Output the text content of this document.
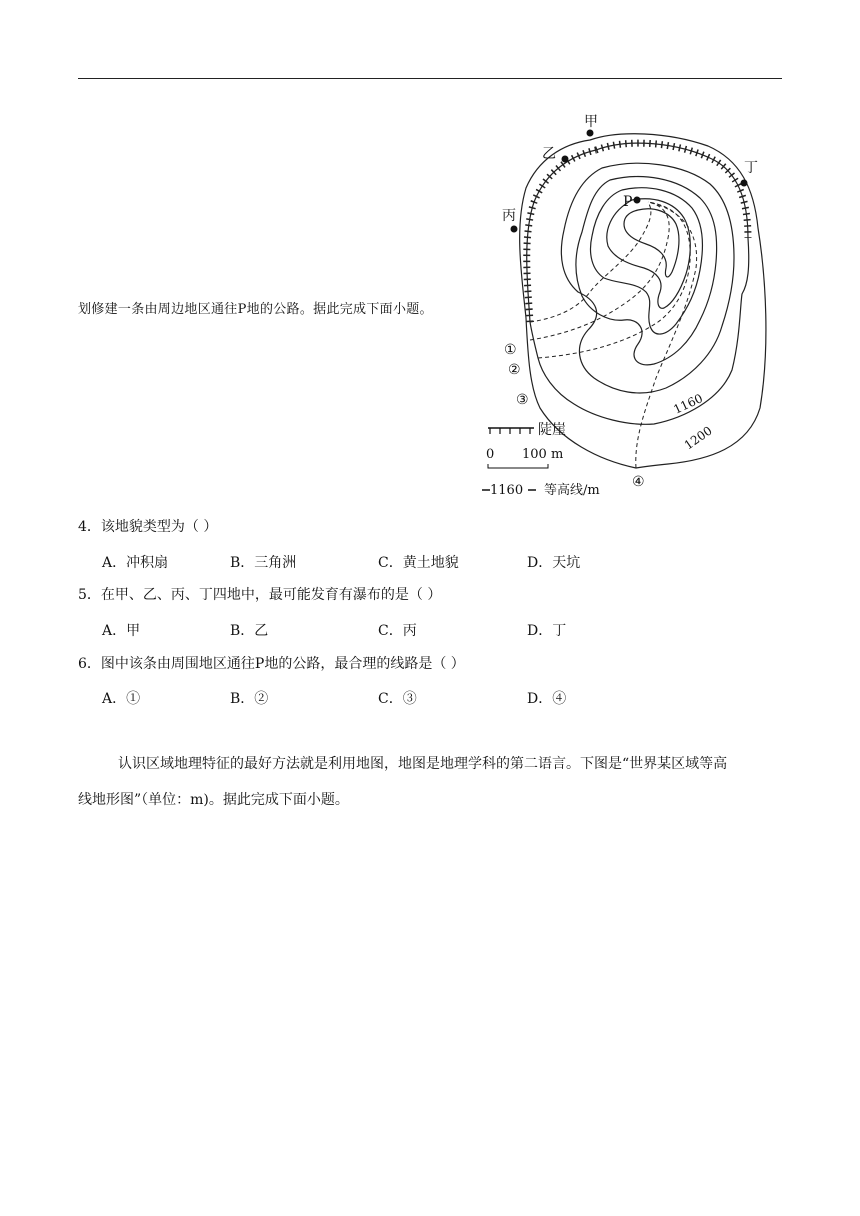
划修建一条由周边地区通往P地的公路。据此完成下面小题。
甲
乙
丙
丁
P
①
②
③
④
1160
1200
陡崖
0 100 m
1160 等高线/m
4．该地貌类型为（ ）
A．冲积扇	B．三角洲	C．黄土地貌	D．天坑
5．在甲、乙、丙、丁四地中，最可能发育有瀑布的是（ ）
A．甲	B．乙	C．丙	D．丁
6．图中该条由周围地区通往P地的公路，最合理的线路是（ ）
A．①	B．②	C．③	D．④
认识区域地理特征的最好方法就是利用地图，地图是地理学科的第二语言。下图是“世界某区域等高
线地形图”（单位：m)。据此完成下面小题。
